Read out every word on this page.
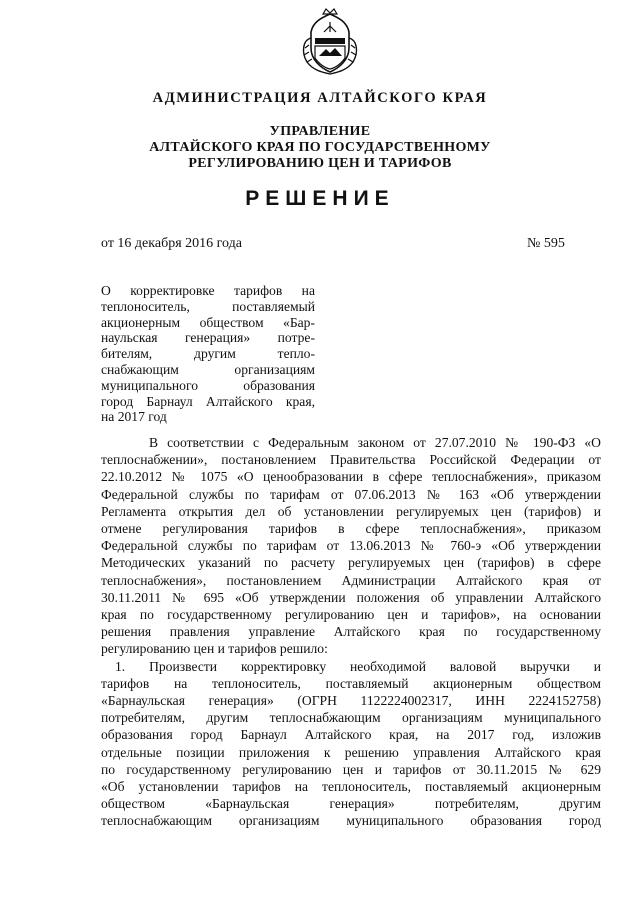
АДМИНИСТРАЦИЯ АЛТАЙСКОГО КРАЯ
УПРАВЛЕНИЕ
АЛТАЙСКОГО КРАЯ ПО ГОСУДАРСТВЕННОМУ
РЕГУЛИРОВАНИЮ ЦЕН И ТАРИФОВ
РЕШЕНИЕ
от 16 декабря 2016 года	№ 595
О корректировке тарифов на
теплоноситель, поставляемый
акционерным обществом «Бар-
наульская генерация» потре-
бителям, другим тепло-
снабжающим организациям
муниципального образования
город Барнаул Алтайского края,
на 2017 год
В соответствии с Федеральным законом от 27.07.2010 № 190-ФЗ «О
теплоснабжении», постановлением Правительства Российской Федерации от
22.10.2012 № 1075 «О ценообразовании в сфере теплоснабжения», приказом
Федеральной службы по тарифам от 07.06.2013 № 163 «Об утверждении
Регламента открытия дел об установлении регулируемых цен (тарифов) и
отмене регулирования тарифов в сфере теплоснабжения», приказом
Федеральной службы по тарифам от 13.06.2013 № 760-э «Об утверждении
Методических указаний по расчету регулируемых цен (тарифов) в сфере
теплоснабжения», постановлением Администрации Алтайского края от
30.11.2011 № 695 «Об утверждении положения об управлении Алтайского
края по государственному регулированию цен и тарифов», на основании
решения правления управление Алтайского края по государственному
регулированию цен и тарифов решило:
1. Произвести корректировку необходимой валовой выручки и
тарифов на теплоноситель, поставляемый акционерным обществом
«Барнаульская генерация» (ОГРН 1122224002317, ИНН 2224152758)
потребителям, другим теплоснабжающим организациям муниципального
образования город Барнаул Алтайского края, на 2017 год, изложив
отдельные позиции приложения к решению управления Алтайского края
по государственному регулированию цен и тарифов от 30.11.2015 № 629
«Об установлении тарифов на теплоноситель, поставляемый акционерным
обществом «Барнаульская генерация» потребителям, другим
теплоснабжающим организациям муниципального образования город
